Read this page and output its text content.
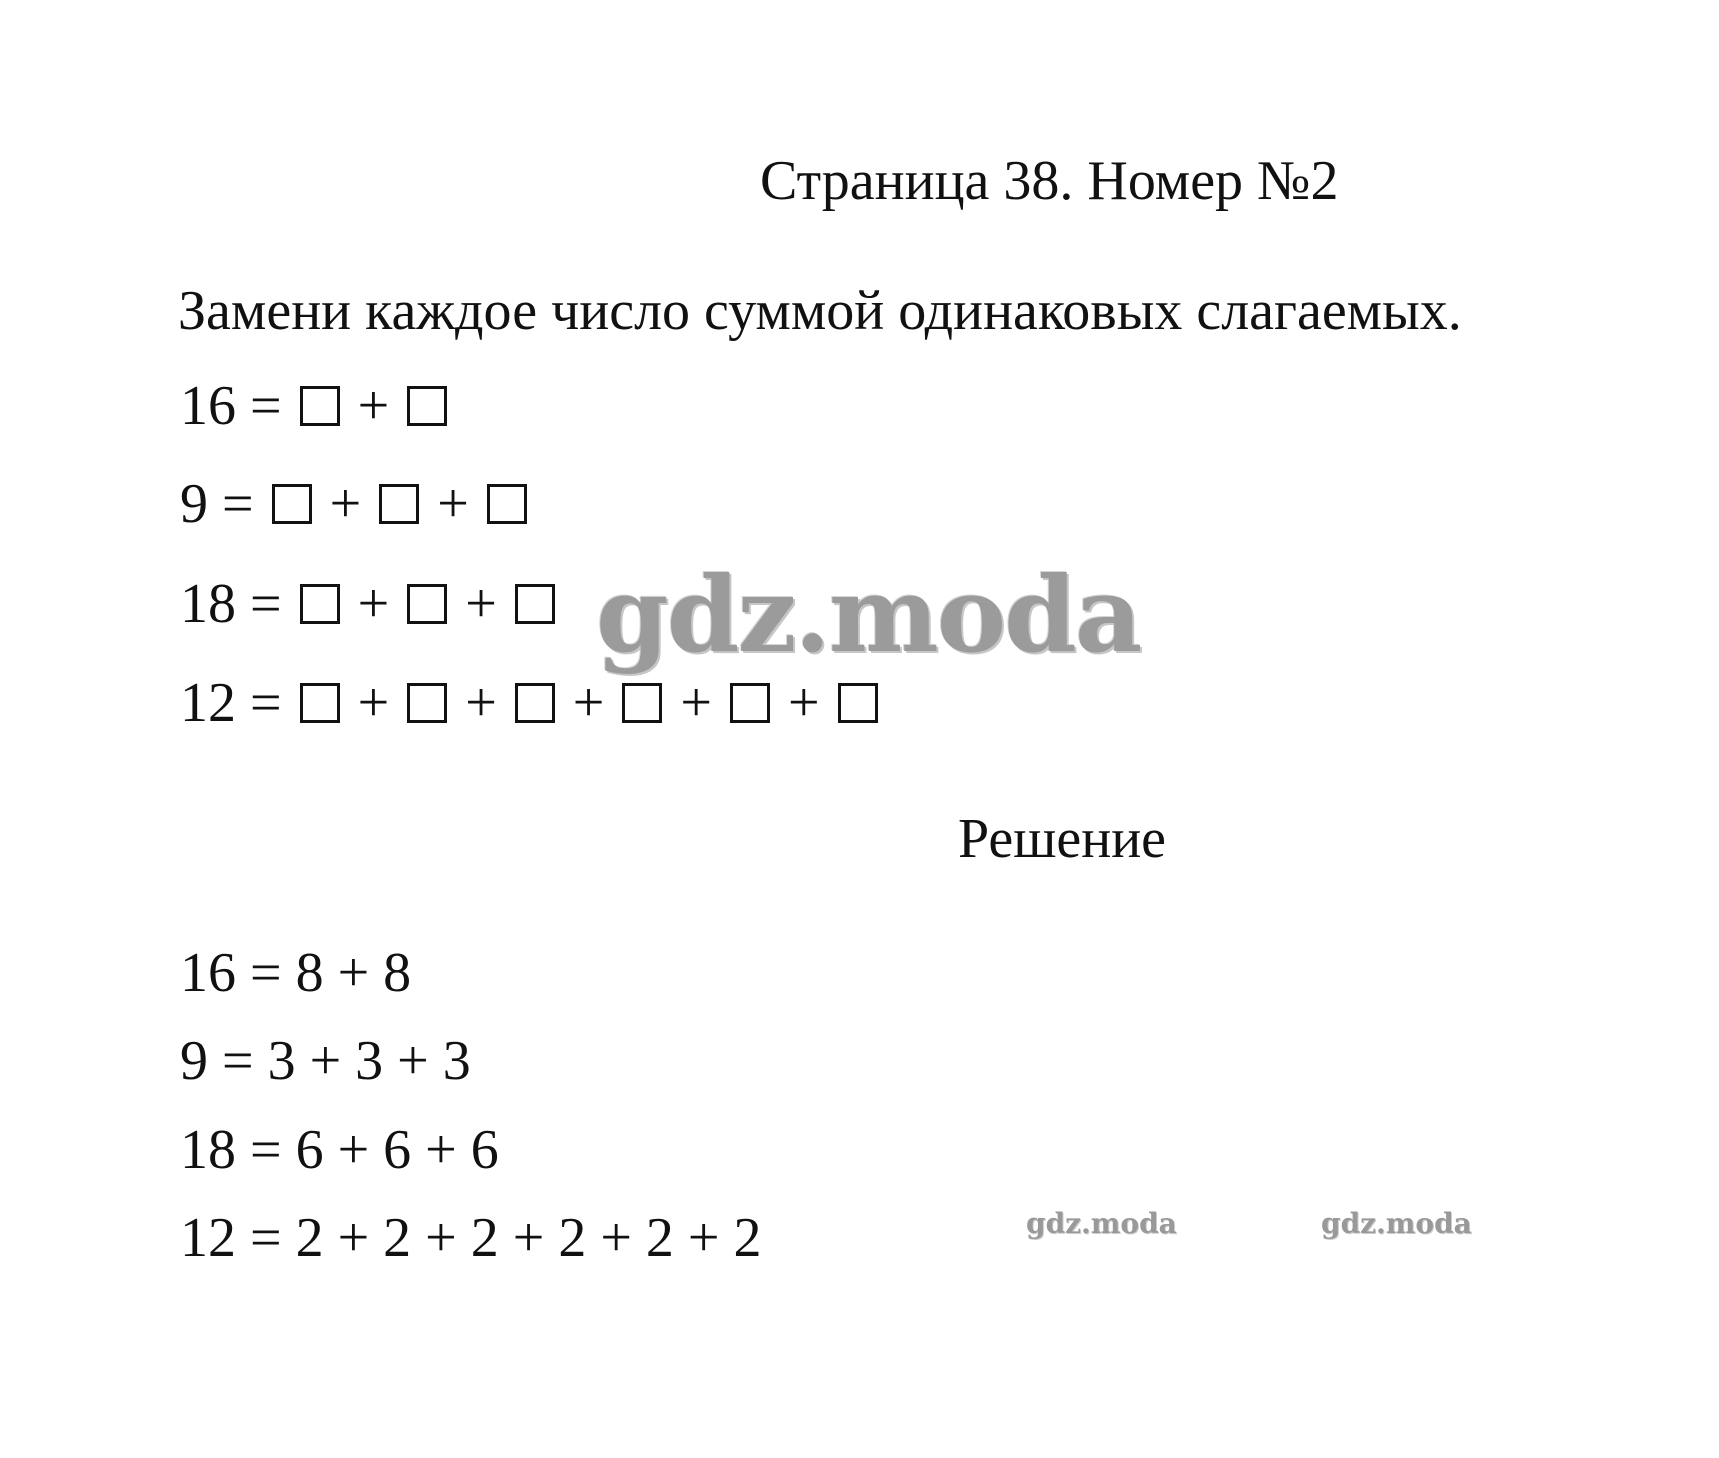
Страница 38. Номер №2
Замени каждое число суммой одинаковых слагаемых.
16 = +
9 = + +
18 = + +
12 = + + + + +
Решение
16 = 8 + 8
9 = 3 + 3 + 3
18 = 6 + 6 + 6
12 = 2 + 2 + 2 + 2 + 2 + 2
gdz.moda
gdz.moda	gdz.moda
